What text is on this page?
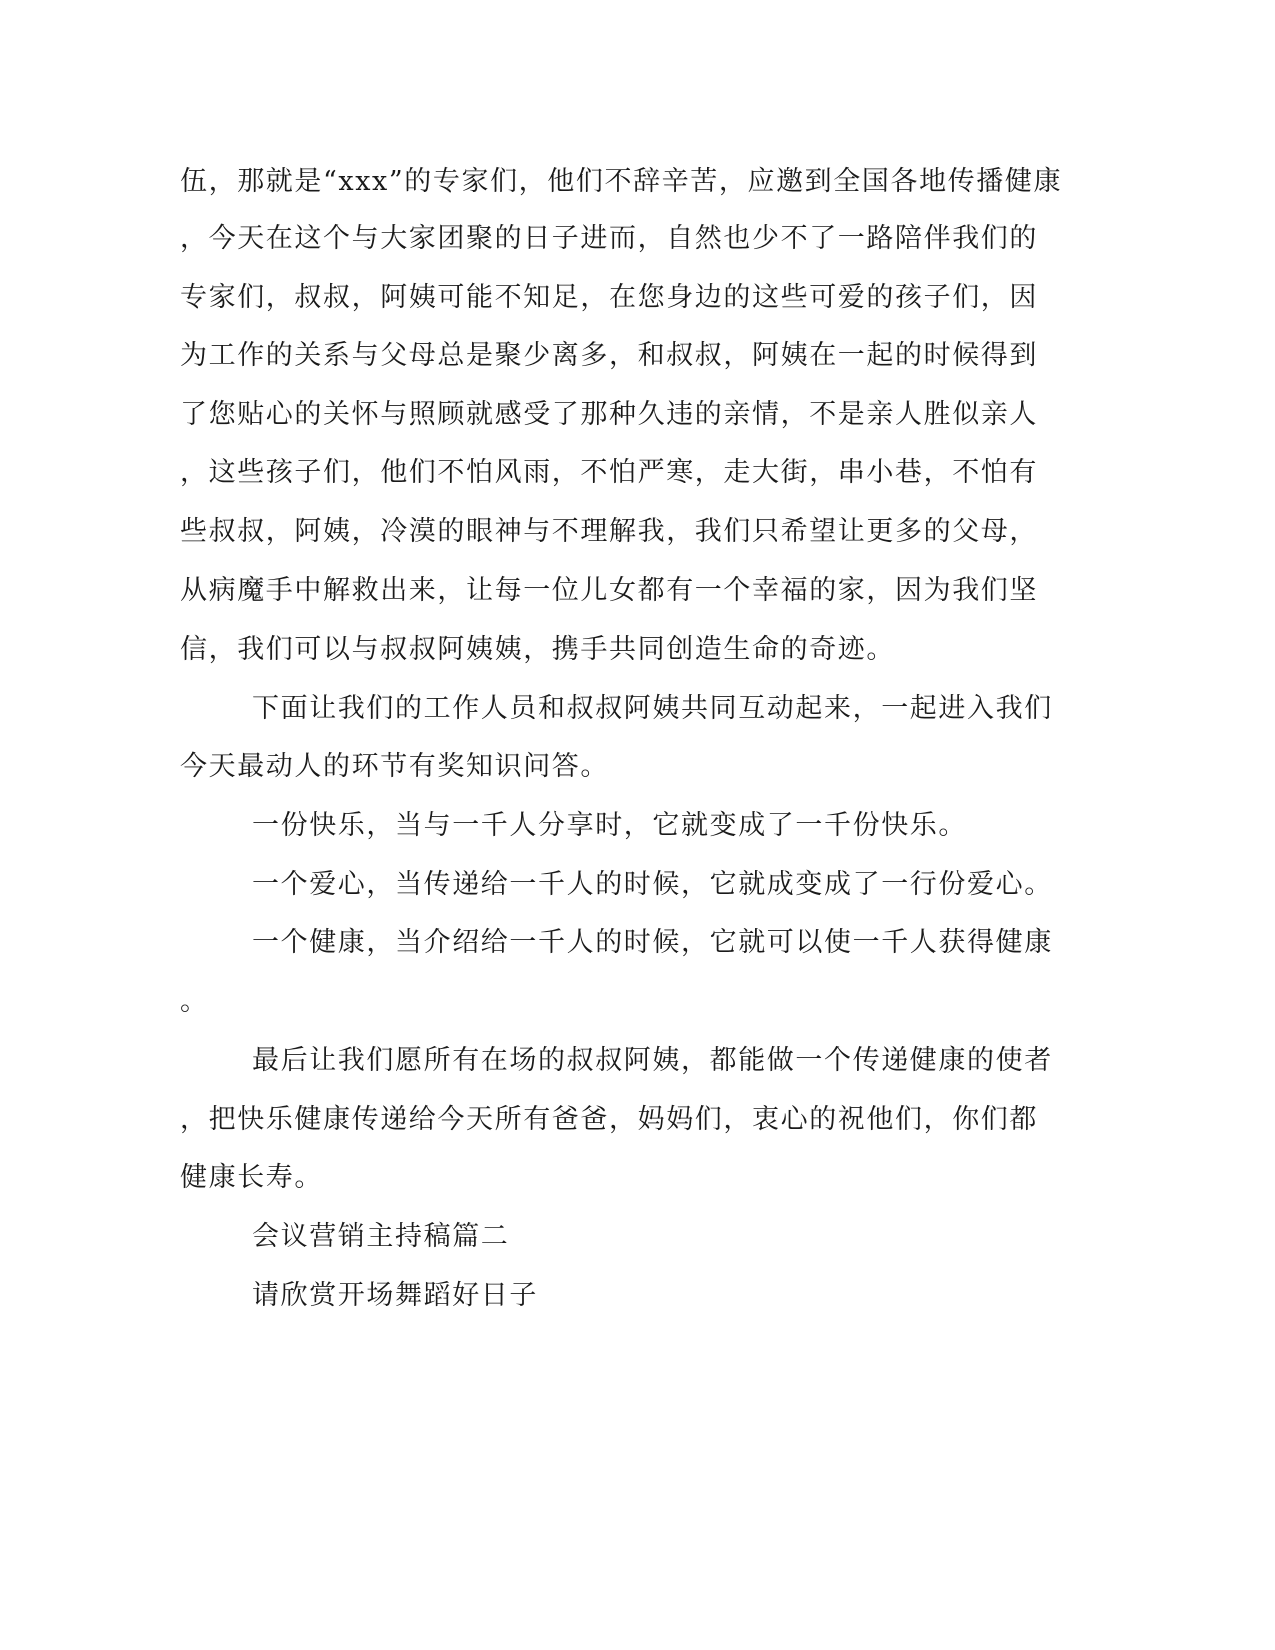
伍，那就是“xxx”的专家们，他们不辞辛苦，应邀到全国各地传播健康
，今天在这个与大家团聚的日子进而，自然也少不了一路陪伴我们的
专家们，叔叔，阿姨可能不知足，在您身边的这些可爱的孩子们，因
为工作的关系与父母总是聚少离多，和叔叔，阿姨在一起的时候得到
了您贴心的关怀与照顾就感受了那种久违的亲情，不是亲人胜似亲人
，这些孩子们，他们不怕风雨，不怕严寒，走大街，串小巷，不怕有
些叔叔，阿姨，冷漠的眼神与不理解我，我们只希望让更多的父母，
从病魔手中解救出来，让每一位儿女都有一个幸福的家，因为我们坚
信，我们可以与叔叔阿姨姨，携手共同创造生命的奇迹。
下面让我们的工作人员和叔叔阿姨共同互动起来，一起进入我们
今天最动人的环节有奖知识问答。
一份快乐，当与一千人分享时，它就变成了一千份快乐。
一个爱心，当传递给一千人的时候，它就成变成了一行份爱心。
一个健康，当介绍给一千人的时候，它就可以使一千人获得健康
。
最后让我们愿所有在场的叔叔阿姨，都能做一个传递健康的使者
，把快乐健康传递给今天所有爸爸，妈妈们，衷心的祝他们，你们都
健康长寿。
会议营销主持稿篇二
请欣赏开场舞蹈好日子
